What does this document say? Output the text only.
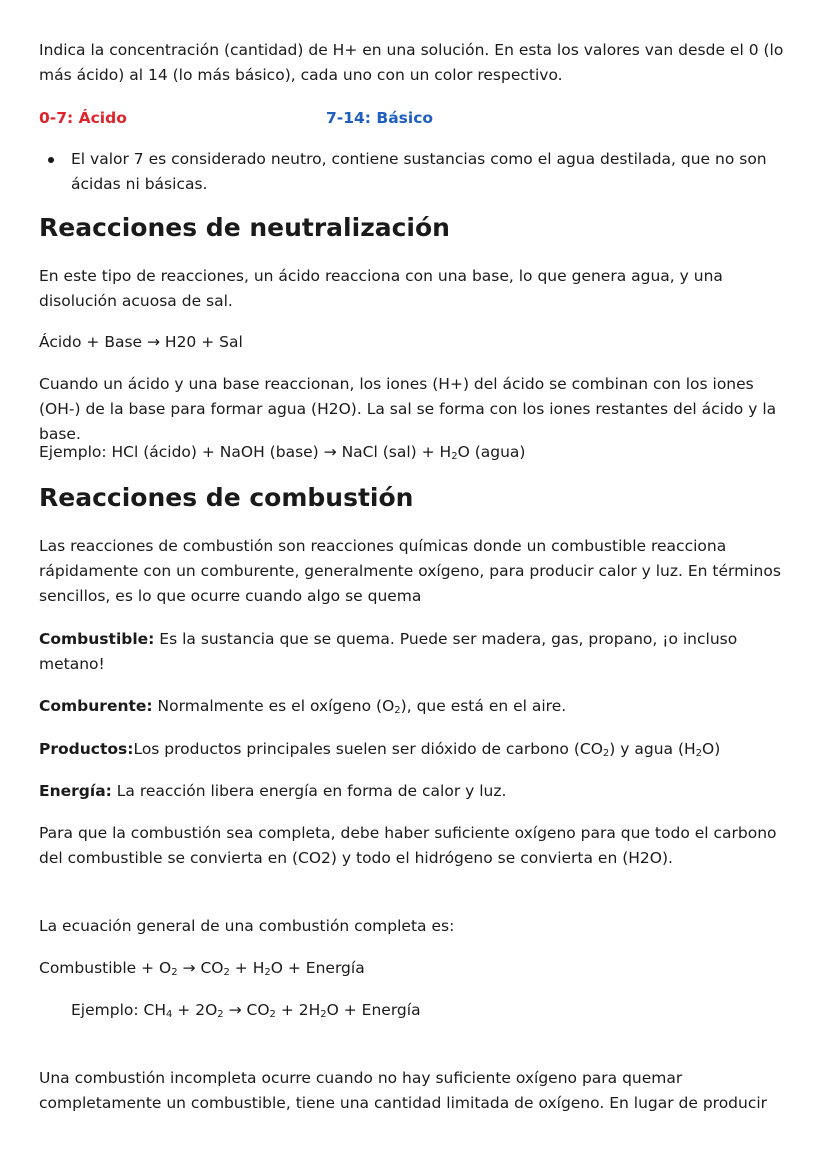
Indica la concentración (cantidad) de H+ en una solución. En esta los valores van desde el 0 (lo más ácido) al 14 (lo más básico), cada uno con un color respectivo.
0-7: Ácido	7-14: Básico
El valor 7 es considerado neutro, contiene sustancias como el agua destilada, que no son ácidas ni básicas.
Reacciones de neutralización
En este tipo de reacciones, un ácido reacciona con una base, lo que genera agua, y una disolución acuosa de sal.
Ácido + Base → H20 + Sal
Cuando un ácido y una base reaccionan, los iones (H+) del ácido se combinan con los iones (OH-) de la base para formar agua (H2O). La sal se forma con los iones restantes del ácido y la base.
Ejemplo: HCl (ácido) + NaOH (base) → NaCl $(sal) + H_2O$ (agua)
Reacciones de combustión
Las reacciones de combustión son reacciones químicas donde un combustible reacciona rápidamente con un comburente, generalmente oxígeno, para producir calor y luz. En términos sencillos, es lo que ocurre cuando algo se quema
Combustible: Es la sustancia que se quema. Puede ser madera, gas, propano, ¡o incluso metano!
Comburente: Normalmente es el oxígeno $(O_2)$, que está en el aire.
Productos:Los productos principales suelen ser dióxido de carbono $(CO_2)$ y agua $(H_2O)$
Energía: La reacción libera energía en forma de calor y luz.
Para que la combustión sea completa, debe haber suficiente oxígeno para que todo el carbono del combustible se convierta en (CO2) y todo el hidrógeno se convierta en (H2O).
La ecuación general de una combustión completa es:
Combustible + $O_2 \to CO_2 + H_2O$ + Energía
Ejemplo: $CH_4 + 2O_2 \to CO_2 + 2H_2O$ + Energía
Una combustión incompleta ocurre cuando no hay suficiente oxígeno para quemar completamente un combustible, tiene una cantidad limitada de oxígeno. En lugar de producir
